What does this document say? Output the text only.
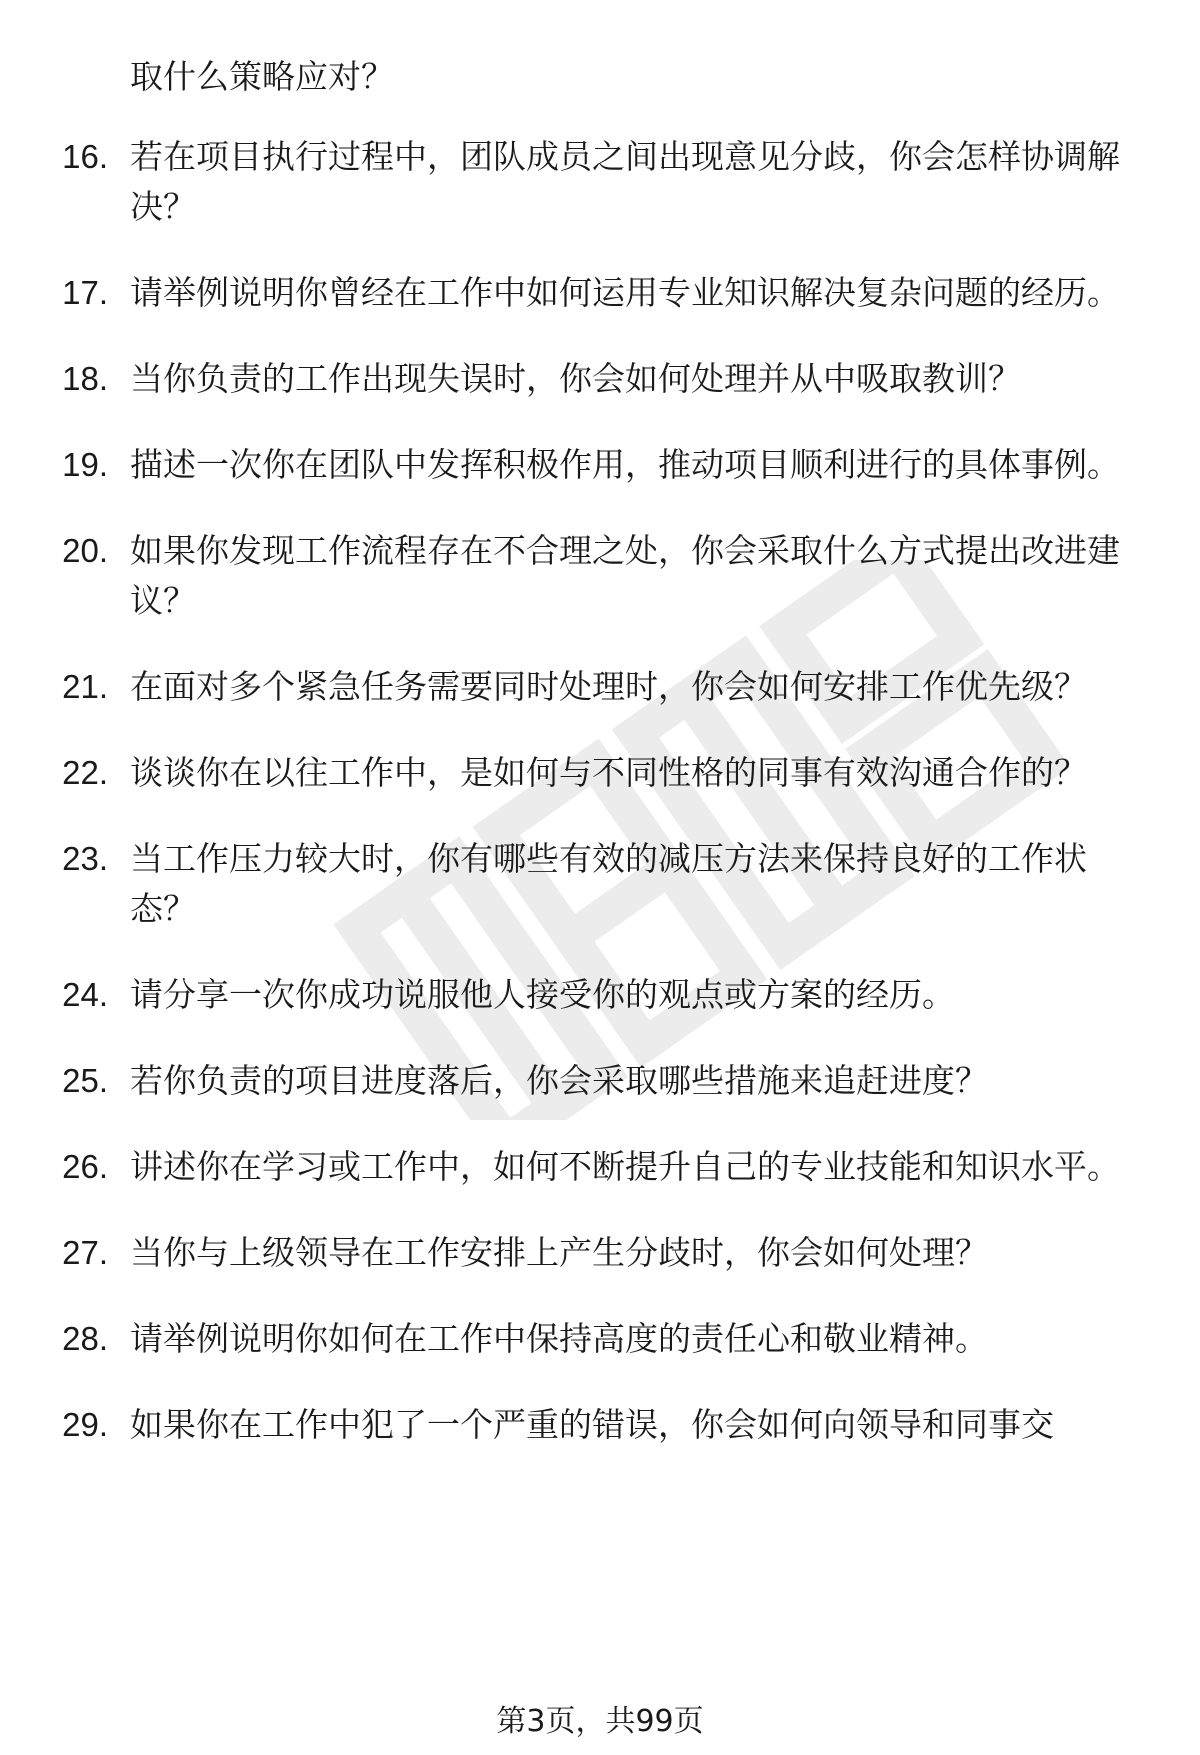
取什么策略应对？
16. 若在项目执行过程中，团队成员之间出现意见分歧，你会怎样协调解决？
17. 请举例说明你曾经在工作中如何运用专业知识解决复杂问题的经历。
18. 当你负责的工作出现失误时，你会如何处理并从中吸取教训？
19. 描述一次你在团队中发挥积极作用，推动项目顺利进行的具体事例。
20. 如果你发现工作流程存在不合理之处，你会采取什么方式提出改进建议？
21. 在面对多个紧急任务需要同时处理时，你会如何安排工作优先级？
22. 谈谈你在以往工作中，是如何与不同性格的同事有效沟通合作的？
23. 当工作压力较大时，你有哪些有效的减压方法来保持良好的工作状态？
24. 请分享一次你成功说服他人接受你的观点或方案的经历。
25. 若你负责的项目进度落后，你会采取哪些措施来追赶进度？
26. 讲述你在学习或工作中，如何不断提升自己的专业技能和知识水平。
27. 当你与上级领导在工作安排上产生分歧时，你会如何处理？
28. 请举例说明你如何在工作中保持高度的责任心和敬业精神。
29. 如果你在工作中犯了一个严重的错误，你会如何向领导和同事交
第3页，共99页
